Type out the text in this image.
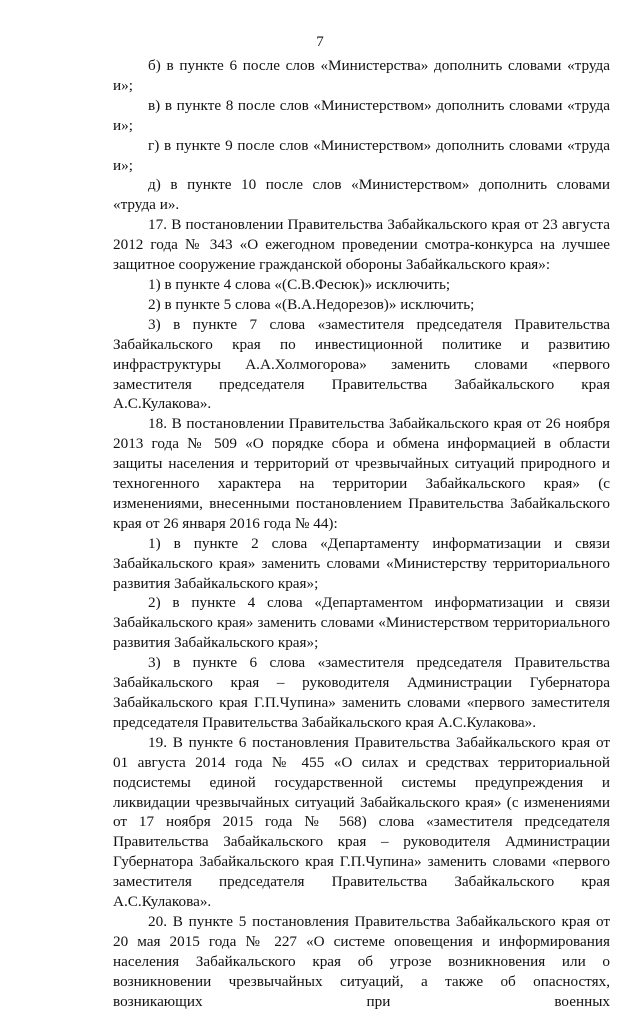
7

б) в пункте 6 после слов «Министерства» дополнить словами «труда и»;

в) в пункте 8 после слов «Министерством» дополнить словами «труда и»;

г) в пункте 9 после слов «Министерством» дополнить словами «труда и»;

д) в пункте 10 после слов «Министерством» дополнить словами «труда и».

17. В постановлении Правительства Забайкальского края от 23 августа 2012 года № 343 «О ежегодном проведении смотра-конкурса на лучшее защитное сооружение гражданской обороны Забайкальского края»:

1) в пункте 4 слова «(С.В.Фесюк)» исключить;

2) в пункте 5 слова «(В.А.Недорезов)» исключить;

3) в пункте 7 слова «заместителя председателя Правительства Забайкальского края по инвестиционной политике и развитию инфраструктуры А.А.Холмогорова» заменить словами «первого заместителя председателя Правительства Забайкальского края А.С.Кулакова».

18. В постановлении Правительства Забайкальского края от 26 ноября 2013 года № 509 «О порядке сбора и обмена информацией в области защиты населения и территорий от чрезвычайных ситуаций природного и техногенного характера на территории Забайкальского края» (с изменениями, внесенными постановлением Правительства Забайкальского края от 26 января 2016 года № 44):

1) в пункте 2 слова «Департаменту информатизации и связи Забайкальского края» заменить словами «Министерству территориального развития Забайкальского края»;

2) в пункте 4 слова «Департаментом информатизации и связи Забайкальского края» заменить словами «Министерством территориального развития Забайкальского края»;

3) в пункте 6 слова «заместителя председателя Правительства Забайкальского края – руководителя Администрации Губернатора Забайкальского края Г.П.Чупина» заменить словами «первого заместителя председателя Правительства Забайкальского края А.С.Кулакова».

19. В пункте 6 постановления Правительства Забайкальского края от 01 августа 2014 года № 455 «О силах и средствах территориальной подсистемы единой государственной системы предупреждения и ликвидации чрезвычайных ситуаций Забайкальского края» (с изменениями от 17 ноября 2015 года № 568) слова «заместителя председателя Правительства Забайкальского края – руководителя Администрации Губернатора Забайкальского края Г.П.Чупина» заменить словами «первого заместителя председателя Правительства Забайкальского края А.С.Кулакова».

20. В пункте 5 постановления Правительства Забайкальского края от 20 мая 2015 года № 227 «О системе оповещения и информирования населения Забайкальского края об угрозе возникновения или о возникновении чрезвычайных ситуаций, а также об опасностях, возникающих при военных
